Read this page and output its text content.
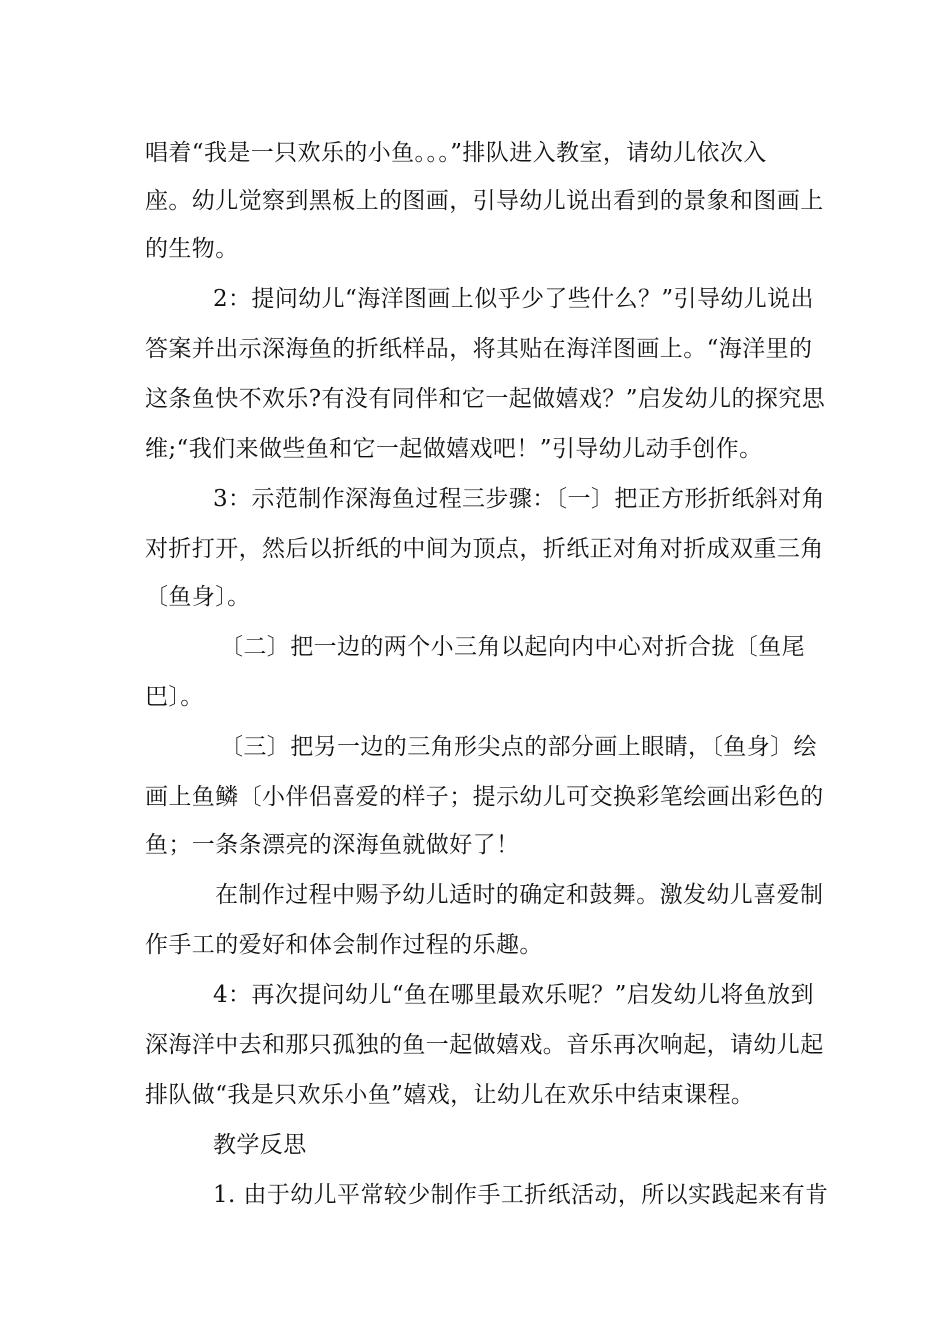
唱着“我是一只欢乐的小鱼。。。”排队进入教室，请幼儿依次入
座。幼儿觉察到黑板上的图画，引导幼儿说出看到的景象和图画上
的生物。
2：提问幼儿“海洋图画上似乎少了些什么？”引导幼儿说出
答案并出示深海鱼的折纸样品，将其贴在海洋图画上。“海洋里的
这条鱼快不欢乐?有没有同伴和它一起做嬉戏？”启发幼儿的探究思
维;“我们来做些鱼和它一起做嬉戏吧！”引导幼儿动手创作。
3：示范制作深海鱼过程三步骤：〔一〕把正方形折纸斜对角
对折打开，然后以折纸的中间为顶点，折纸正对角对折成双重三角
〔鱼身〕。
〔二〕把一边的两个小三角以起向内中心对折合拢〔鱼尾
巴〕。
〔三〕把另一边的三角形尖点的部分画上眼睛，〔鱼身〕绘
画上鱼鳞〔小伴侣喜爱的样子；提示幼儿可交换彩笔绘画出彩色的
鱼；一条条漂亮的深海鱼就做好了！
在制作过程中赐予幼儿适时的确定和鼓舞。激发幼儿喜爱制
作手工的爱好和体会制作过程的乐趣。
4：再次提问幼儿“鱼在哪里最欢乐呢？”启发幼儿将鱼放到
深海洋中去和那只孤独的鱼一起做嬉戏。音乐再次响起，请幼儿起
排队做“我是只欢乐小鱼”嬉戏，让幼儿在欢乐中结束课程。
教学反思
1. 由于幼儿平常较少制作手工折纸活动，所以实践起来有肯
